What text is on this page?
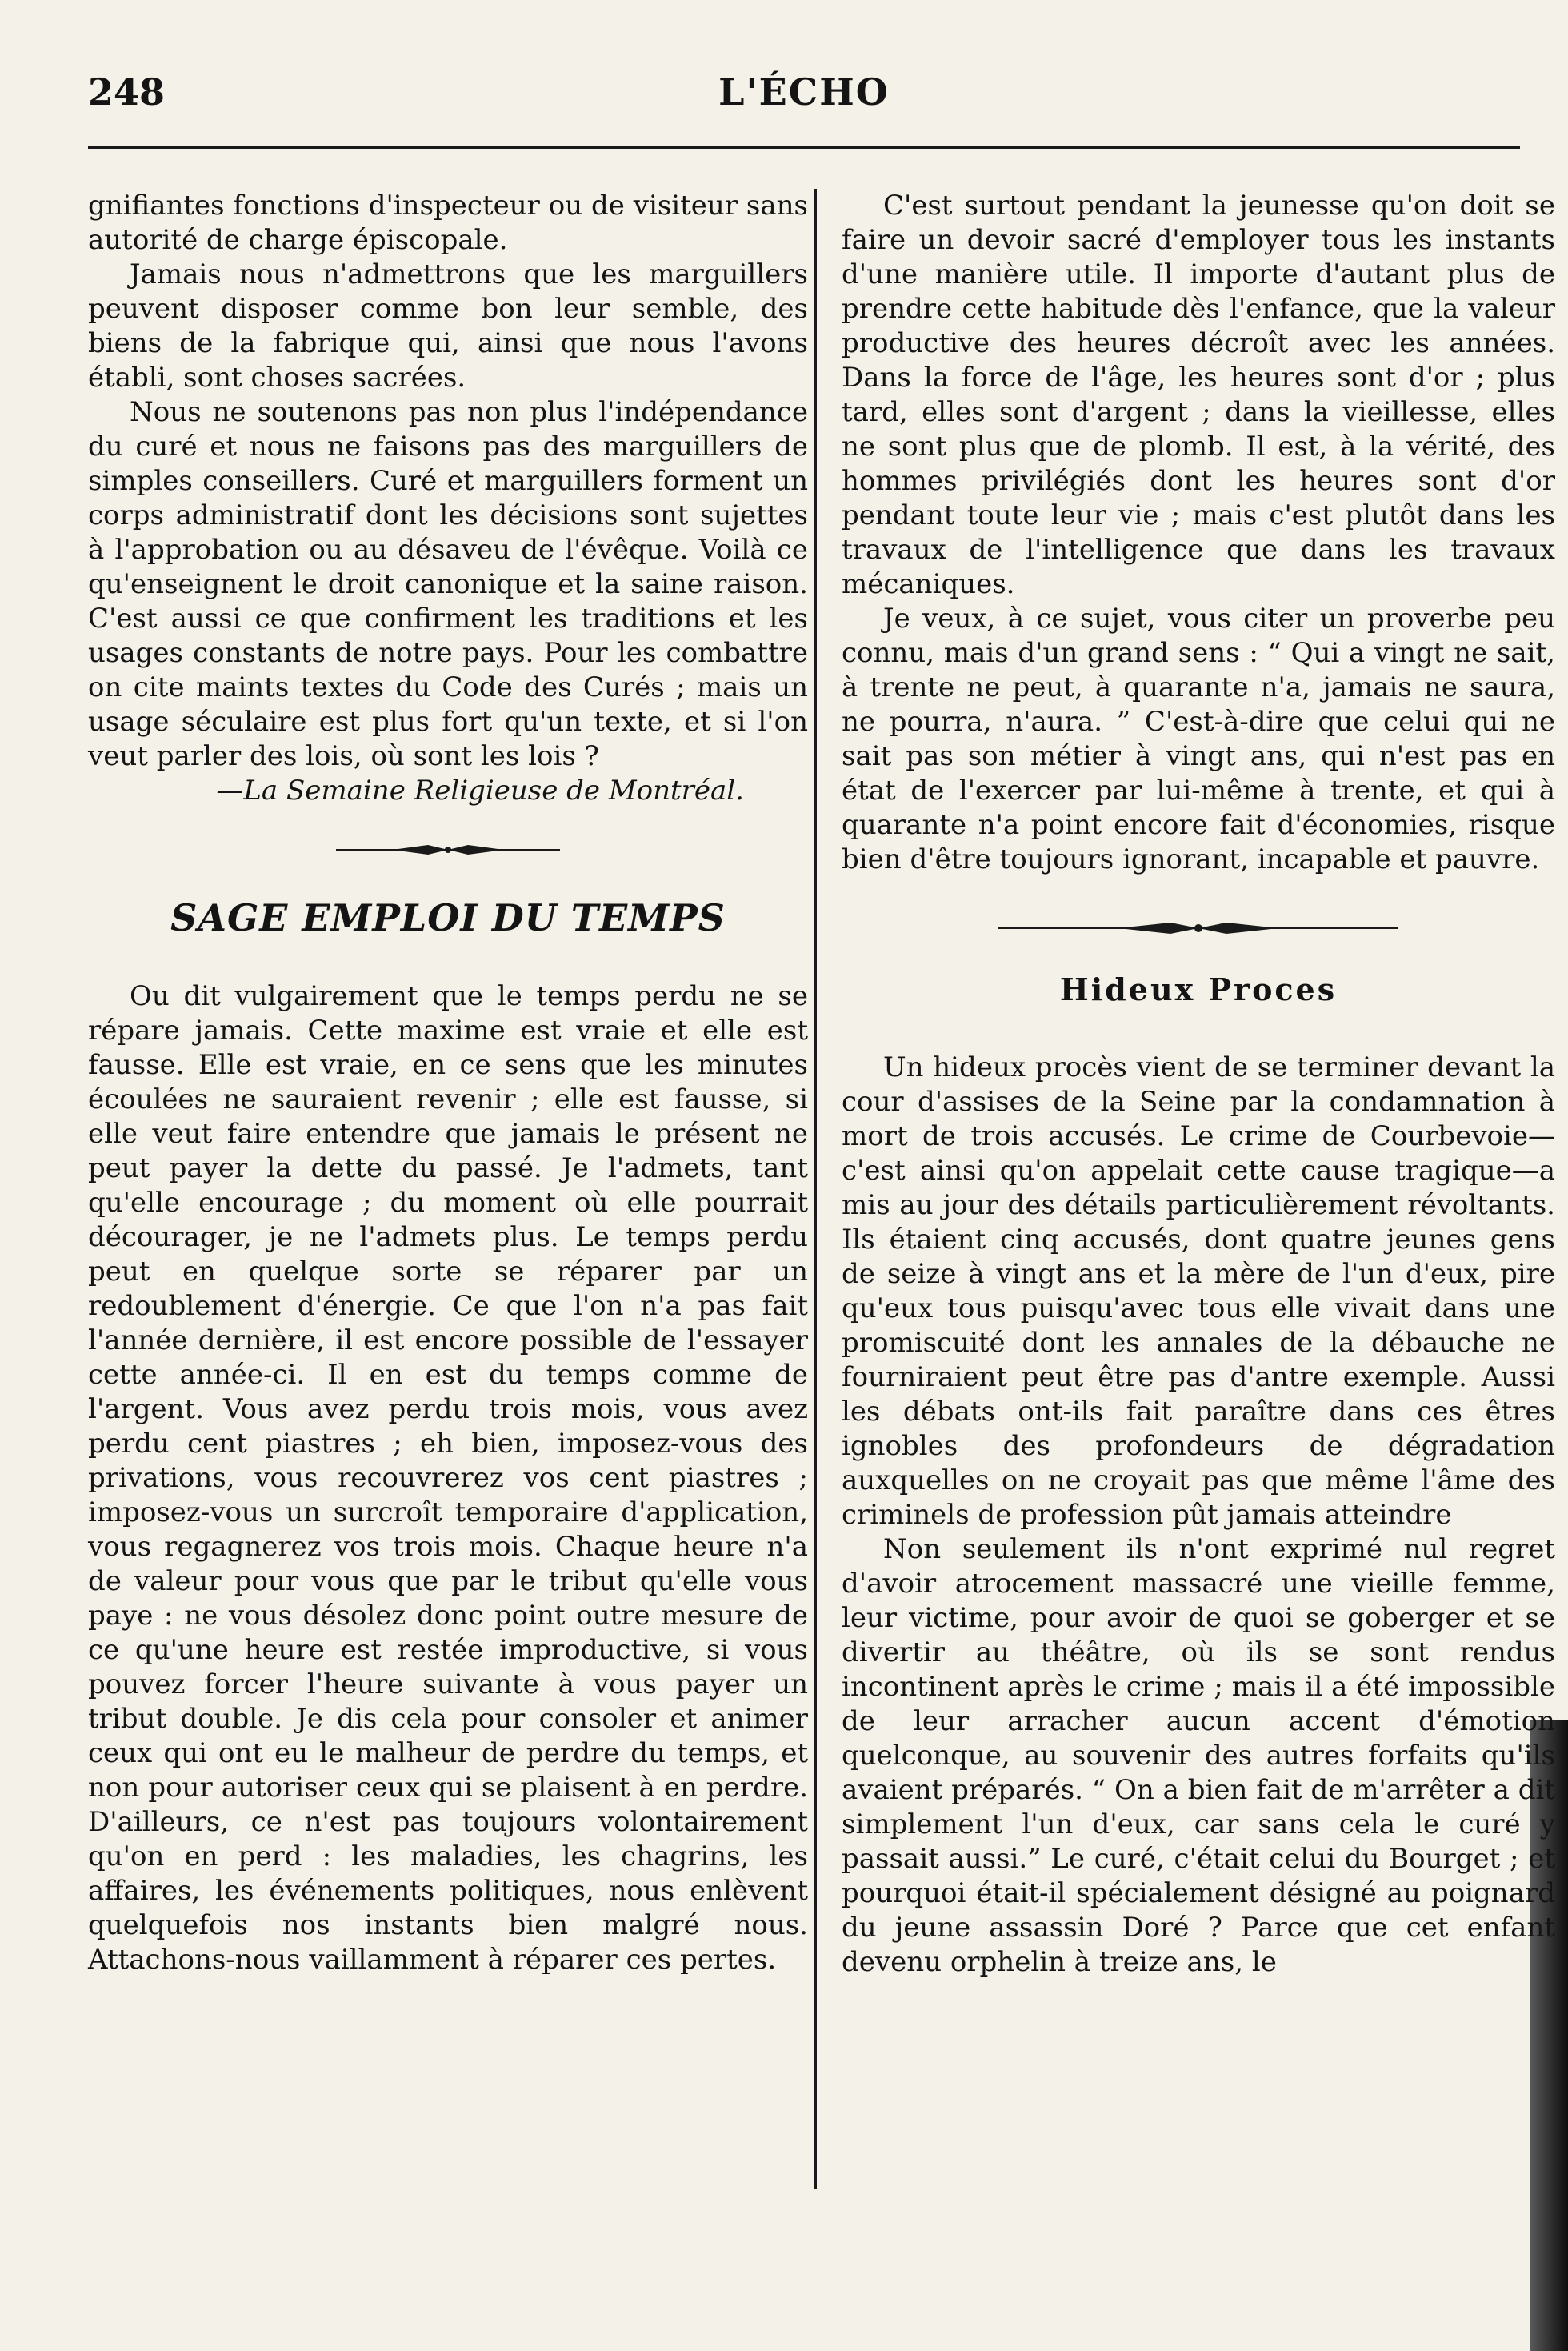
248	L'ÉCHO

gnifiantes fonctions d'inspecteur ou de visiteur sans autorité de charge épiscopale.

Jamais nous n'admettrons que les marguillers peuvent disposer comme bon leur semble, des biens de la fabrique qui, ainsi que nous l'avons établi, sont choses sacrées.

Nous ne soutenons pas non plus l'indépendance du curé et nous ne faisons pas des marguillers de simples conseillers. Curé et marguillers forment un corps administratif dont les décisions sont sujettes à l'approbation ou au désaveu de l'évêque. Voilà ce qu'enseignent le droit canonique et la saine raison. C'est aussi ce que confirment les traditions et les usages constants de notre pays. Pour les combattre on cite maints textes du Code des Curés ; mais un usage séculaire est plus fort qu'un texte, et si l'on veut parler des lois, où sont les lois ?

—La Semaine Religieuse de Montréal.
SAGE EMPLOI DU TEMPS

Ou dit vulgairement que le temps perdu ne se répare jamais. Cette maxime est vraie et elle est fausse. Elle est vraie, en ce sens que les minutes écoulées ne sauraient revenir ; elle est fausse, si elle veut faire entendre que jamais le présent ne peut payer la dette du passé. Je l'admets, tant qu'elle encourage ; du moment où elle pourrait décourager, je ne l'admets plus. Le temps perdu peut en quelque sorte se réparer par un redoublement d'énergie. Ce que l'on n'a pas fait l'année dernière, il est encore possible de l'essayer cette année-ci. Il en est du temps comme de l'argent. Vous avez perdu trois mois, vous avez perdu cent piastres ; eh bien, imposez-vous des privations, vous recouvrerez vos cent piastres ; imposez-vous un surcroît temporaire d'application, vous regagnerez vos trois mois. Chaque heure n'a de valeur pour vous que par le tribut qu'elle vous paye : ne vous désolez donc point outre mesure de ce qu'une heure est restée improductive, si vous pouvez forcer l'heure suivante à vous payer un tribut double. Je dis cela pour consoler et animer ceux qui ont eu le malheur de perdre du temps, et non pour autoriser ceux qui se plaisent à en perdre. D'ailleurs, ce n'est pas toujours volontairement qu'on en perd : les maladies, les chagrins, les affaires, les événements politiques, nous enlèvent quelquefois nos instants bien malgré nous. Attachons-nous vaillamment à réparer ces pertes.

C'est surtout pendant la jeunesse qu'on doit se faire un devoir sacré d'employer tous les instants d'une manière utile. Il importe d'autant plus de prendre cette habitude dès l'enfance, que la valeur productive des heures décroît avec les années. Dans la force de l'âge, les heures sont d'or ; plus tard, elles sont d'argent ; dans la vieillesse, elles ne sont plus que de plomb. Il est, à la vérité, des hommes privilégiés dont les heures sont d'or pendant toute leur vie ; mais c'est plutôt dans les travaux de l'intelligence que dans les travaux mécaniques.

Je veux, à ce sujet, vous citer un proverbe peu connu, mais d'un grand sens : “ Qui a vingt ne sait, à trente ne peut, à quarante n'a, jamais ne saura, ne pourra, n'aura. ” C'est-à-dire que celui qui ne sait pas son métier à vingt ans, qui n'est pas en état de l'exercer par lui-même à trente, et qui à quarante n'a point encore fait d'économies, risque bien d'être toujours ignorant, incapable et pauvre.

Hideux Proces

Un hideux procès vient de se terminer devant la cour d'assises de la Seine par la condamnation à mort de trois accusés. Le crime de Courbevoie—c'est ainsi qu'on appelait cette cause tragique—a mis au jour des détails particulièrement révoltants. Ils étaient cinq accusés, dont quatre jeunes gens de seize à vingt ans et la mère de l'un d'eux, pire qu'eux tous puisqu'avec tous elle vivait dans une promiscuité dont les annales de la débauche ne fourniraient peut être pas d'antre exemple. Aussi les débats ont-ils fait paraître dans ces êtres ignobles des profondeurs de dégradation auxquelles on ne croyait pas que même l'âme des criminels de profession pût jamais atteindre

Non seulement ils n'ont exprimé nul regret d'avoir atrocement massacré une vieille femme, leur victime, pour avoir de quoi se goberger et se divertir au théâtre, où ils se sont rendus incontinent après le crime ; mais il a été impossible de leur arracher aucun accent d'émotion quelconque, au souvenir des autres forfaits qu'ils avaient préparés. “ On a bien fait de m'arrêter a dit simplement l'un d'eux, car sans cela le curé y passait aussi.” Le curé, c'était celui du Bourget ; et pourquoi était-il spécialement désigné au poignard du jeune assassin Doré ? Parce que cet enfant devenu orphelin à treize ans, le
